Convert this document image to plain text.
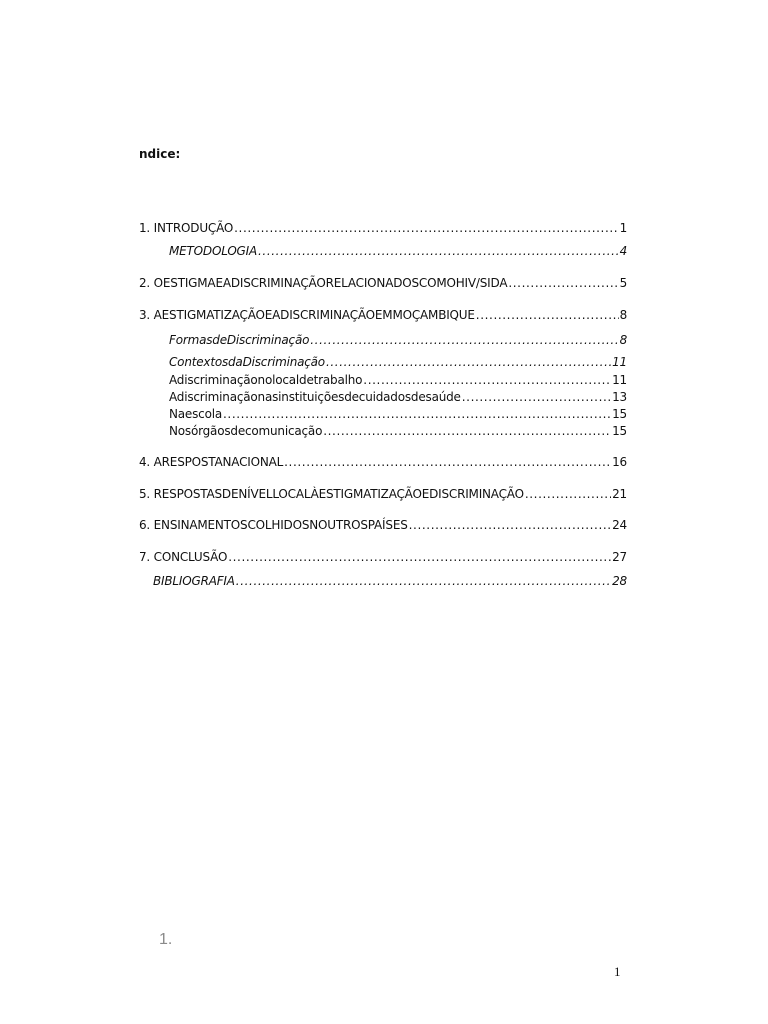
ndice:
1. INTRODUÇÃO .....	1
METODOLOGIA .....	4
2. OESTIGMAEADISCRIMINAÇÃORELACIONADOSCOMOHIV/SIDA .....	5
3. AESTIGMATIZAÇÃOEADISCRIMINAÇÃOEMMOÇAMBIQUE .....	8
FormasdeDiscriminação .....	8
ContextosdaDiscriminação .....	11
Adiscriminaçãonolocaldetrabalho .....	11
Adiscriminaçãonasinstituiçõesdecuidadosdesaúde .....	13
Naescola .....	15
Nosórgãosdecomunicação .....	15
4. ARESPOSTANACIONAL .....	16
5. RESPOSTASDENÍVELLOCALÀESTIGMATIZAÇÃOEDISCRIMINAÇÃO .....	21
6. ENSINAMENTOSCOLHIDOSNOUTROSPAÍSES .....	24
7. CONCLUSÃO .....	27
BIBLIOGRAFIA .....	28
1.
1
